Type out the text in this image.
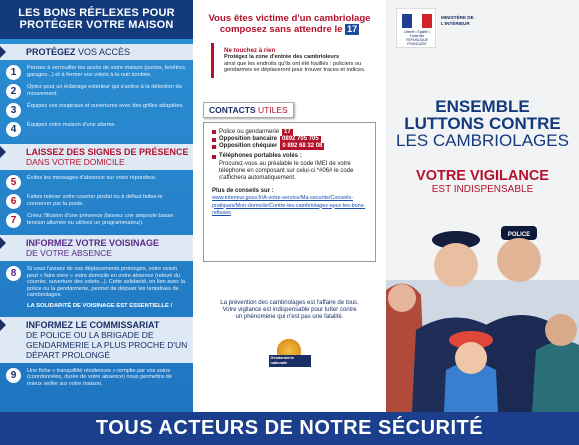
LES BONS RÉFLEXES POUR PROTÉGER VOTRE MAISON
PROTÉGEZ VOS ACCÈS
1	Pensez à verrouiller les accès de votre maison (portes, fenêtres, garages...) et à fermer vos volets à la nuit tombée.
2	Optez pour un éclairage extérieur qui s'active à la détection du mouvement.
3	Équipez vos soupiraux et ouvertures avec des grilles adaptées.
4	Équipez votre maison d'une alarme.
LAISSEZ DES SIGNES DE PRÉSENCE
DANS VOTRE DOMICILE
5	Évitez les messages d'absence sur votre répondeur.
6	Faites relever votre courrier postal ou à défaut faites-le conserver par la poste.
7	Créez l'illusion d'une présence (laissez une ampoule basse tension allumée ou utilisez un programmateur).
INFORMEZ VOTRE VOISINAGE
DE VOTRE ABSENCE
8	Si vous l'avisez de vos déplacements prolongés, votre voisin peut « faire vivre » votre domicile en votre absence (relevé du courrier, ouverture des volets...). Cette solidarité, en lien avec la police ou la gendarmerie, permet de déjouer les tentatives de cambriolages.
LA SOLIDARITÉ DE VOISINAGE EST ESSENTIELLE !
INFORMEZ LE COMMISSARIAT
DE POLICE OU LA BRIGADE DE GENDARMERIE LA PLUS PROCHE D'UN DÉPART PROLONGÉ
9	Une fiche « tranquillité résidences » remplie par vos soins (coordonnées, durée de votre absence) nous permettra de mieux veiller sur votre maison.
Vous êtes victime d'un cambriolage
composez sans attendre le 17
Ne touchez à rien
Protégez la zone d'entrée des cambrioleurs
ainsi que les endroits qu'ils ont été fouillés : policiers ou gendarmes se déplaceront pour trouver traces et indices.
CONTACTS UTILES
Police ou gendarmerie 17
Opposition bancaire 0892 705 705
Opposition chéquier 0 892 68 32 08
Téléphones portables volés :
Procurez-vous au préalable le code IMEI de votre téléphone en composant sur celui-ci *#06# le code s'affichera automatiquement.
Plus de conseils sur :
www.interieur.gouv.fr/A-votre-service/Ma-securite/Conseils-pratiques/Mon-domicile/Contre-les-cambriolages-ayez-les-bons-reflexes
La prévention des cambriolages est l'affaire de tous. Votre vigilance est indispensable pour lutter contre un phénomène qui n'est pas une fatalité.
Gendarmerie nationale
Liberté • Égalité • Fraternité RÉPUBLIQUE FRANÇAISE
MINISTÈRE DE L'INTÉRIEUR
ENSEMBLE
LUTTONS CONTRE
LES CAMBRIOLAGES
VOTRE VIGILANCE
EST INDISPENSABLE
POLICE
TOUS ACTEURS DE NOTRE SÉCURITÉ
